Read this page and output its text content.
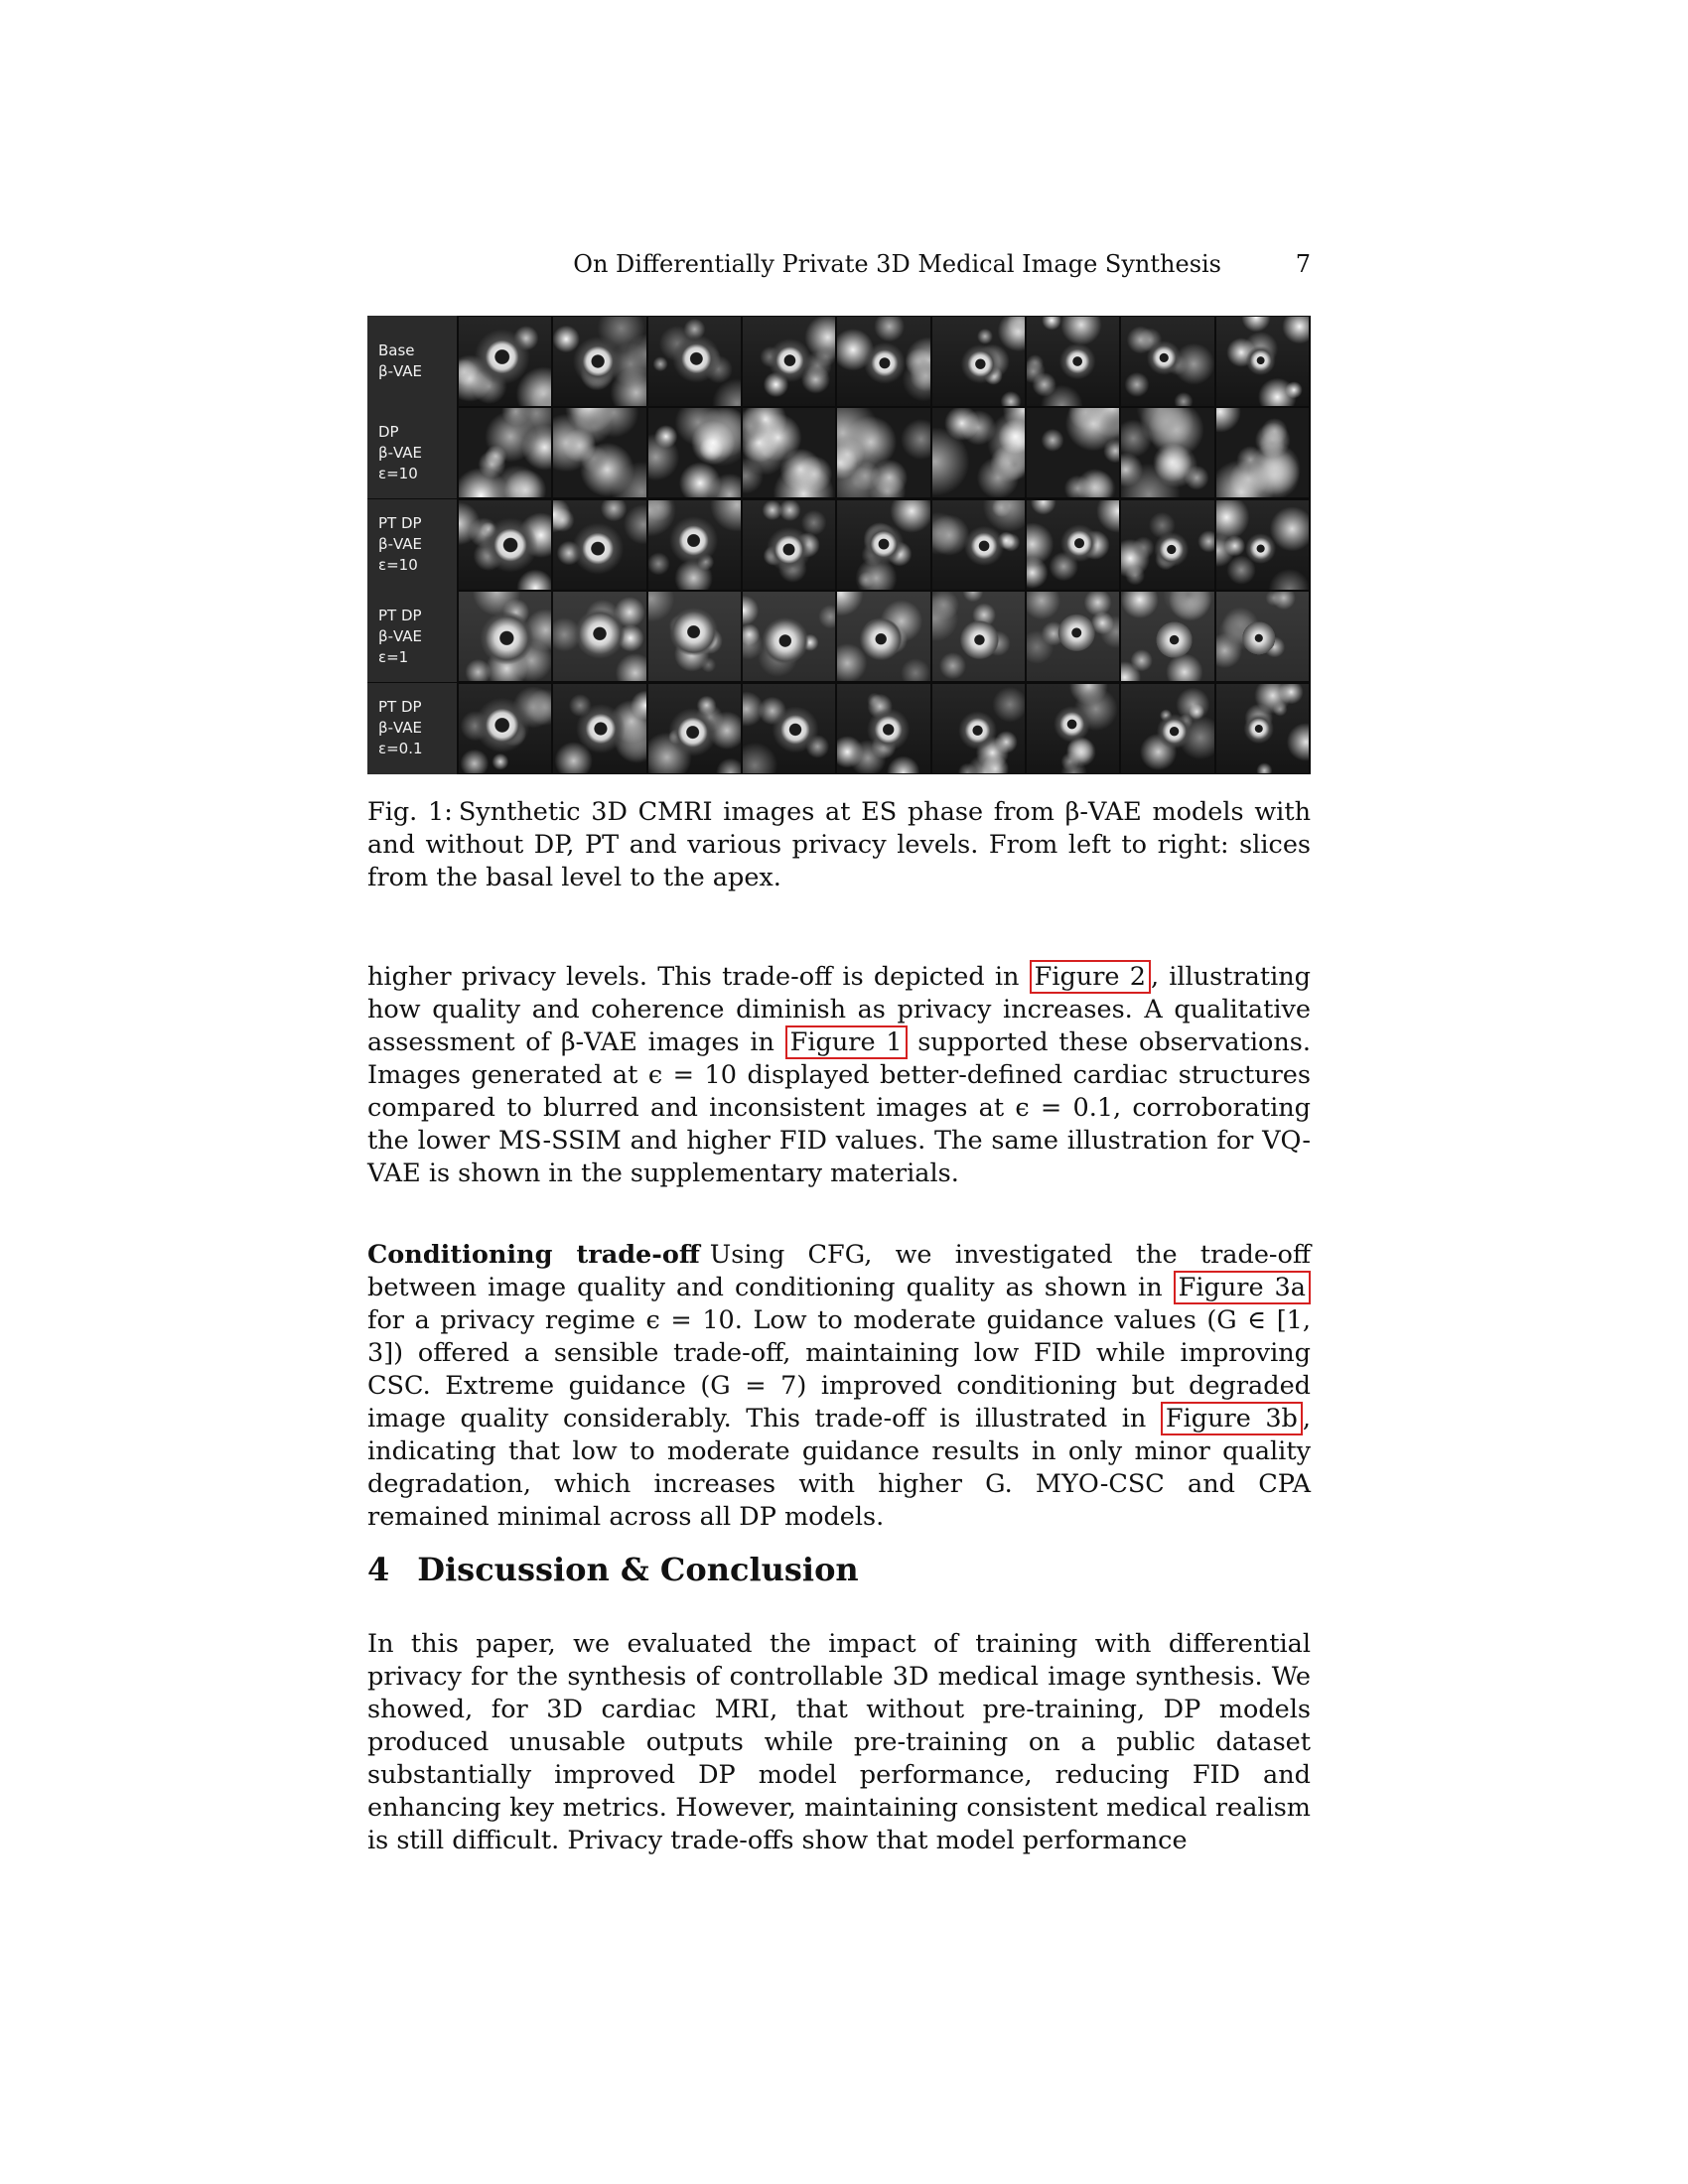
On Differentially Private 3D Medical Image Synthesis	7
Base
β-VAE
DP
β-VAE
ε=10
PT DP
β-VAE
ε=10
PT DP
β-VAE
ε=1
PT DP
β-VAE
ε=0.1
Fig. 1: Synthetic 3D CMRI images at ES phase from β-VAE models with and without DP, PT and various privacy levels. From left to right: slices from the basal level to the apex.

higher privacy levels. This trade-off is depicted in Figure 2 , illustrating how quality and coherence diminish as privacy increases. A qualitative assessment of β-VAE images in Figure 1 supported these observations. Images generated at ϵ = 10 displayed better-defined cardiac structures compared to blurred and inconsistent images at ϵ = 0.1, corroborating the lower MS-SSIM and higher FID values. The same illustration for VQ-VAE is shown in the supplementary materials.

Conditioning trade-off Using CFG, we investigated the trade-off between image quality and conditioning quality as shown in Figure 3a for a privacy regime ϵ = 10. Low to moderate guidance values (G ∈ [1, 3]) offered a sensible trade-off, maintaining low FID while improving CSC. Extreme guidance (G = 7) improved conditioning but degraded image quality considerably. This trade-off is illustrated in Figure 3b , indicating that low to moderate guidance results in only minor quality degradation, which increases with higher G. MYO-CSC and CPA remained minimal across all DP models.

4 Discussion & Conclusion

In this paper, we evaluated the impact of training with differential privacy for the synthesis of controllable 3D medical image synthesis. We showed, for 3D cardiac MRI, that without pre-training, DP models produced unusable outputs while pre-training on a public dataset substantially improved DP model performance, reducing FID and enhancing key metrics. However, maintaining consistent medical realism is still difficult. Privacy trade-offs show that model performance
